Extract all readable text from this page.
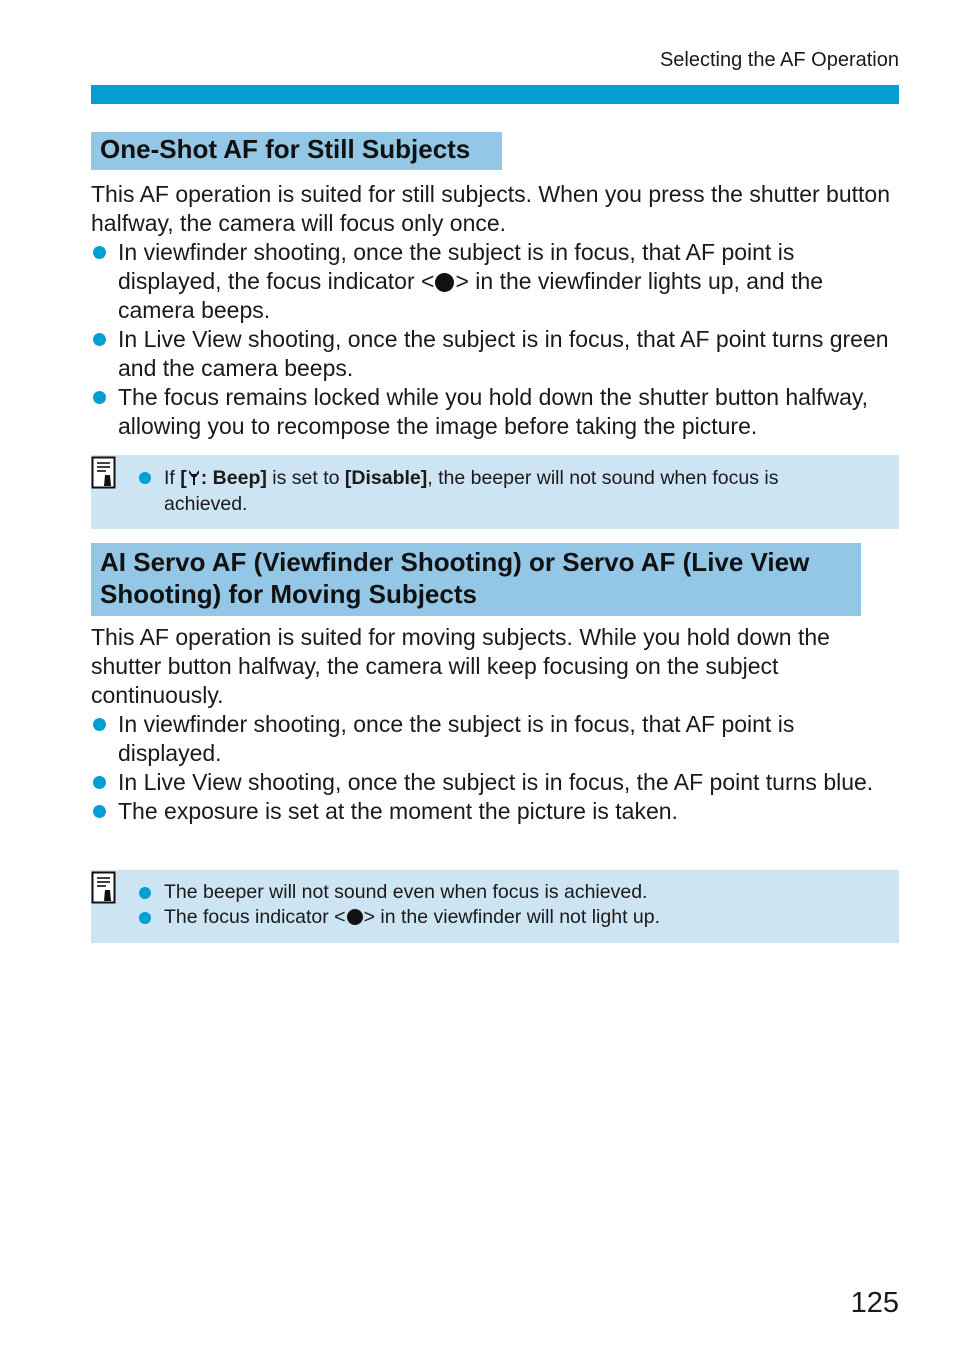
Selecting the AF Operation
One-Shot AF for Still Subjects

This AF operation is suited for still subjects. When you press the shutter button halfway, the camera will focus only once.

In viewfinder shooting, once the subject is in focus, that AF point is displayed, the focus indicator < > in the viewfinder lights up, and the camera beeps.
In Live View shooting, once the subject is in focus, that AF point turns green and the camera beeps.
The focus remains locked while you hold down the shutter button halfway, allowing you to recompose the image before taking the picture.
If [ : Beep] is set to [Disable], the beeper will not sound when focus is achieved.
AI Servo AF (Viewfinder Shooting) or Servo AF (Live View
Shooting) for Moving Subjects

This AF operation is suited for moving subjects. While you hold down the shutter button halfway, the camera will keep focusing on the subject continuously.

In viewfinder shooting, once the subject is in focus, that AF point is displayed.
In Live View shooting, once the subject is in focus, the AF point turns blue.
The exposure is set at the moment the picture is taken.
The beeper will not sound even when focus is achieved.
The focus indicator < > in the viewfinder will not light up.
125
